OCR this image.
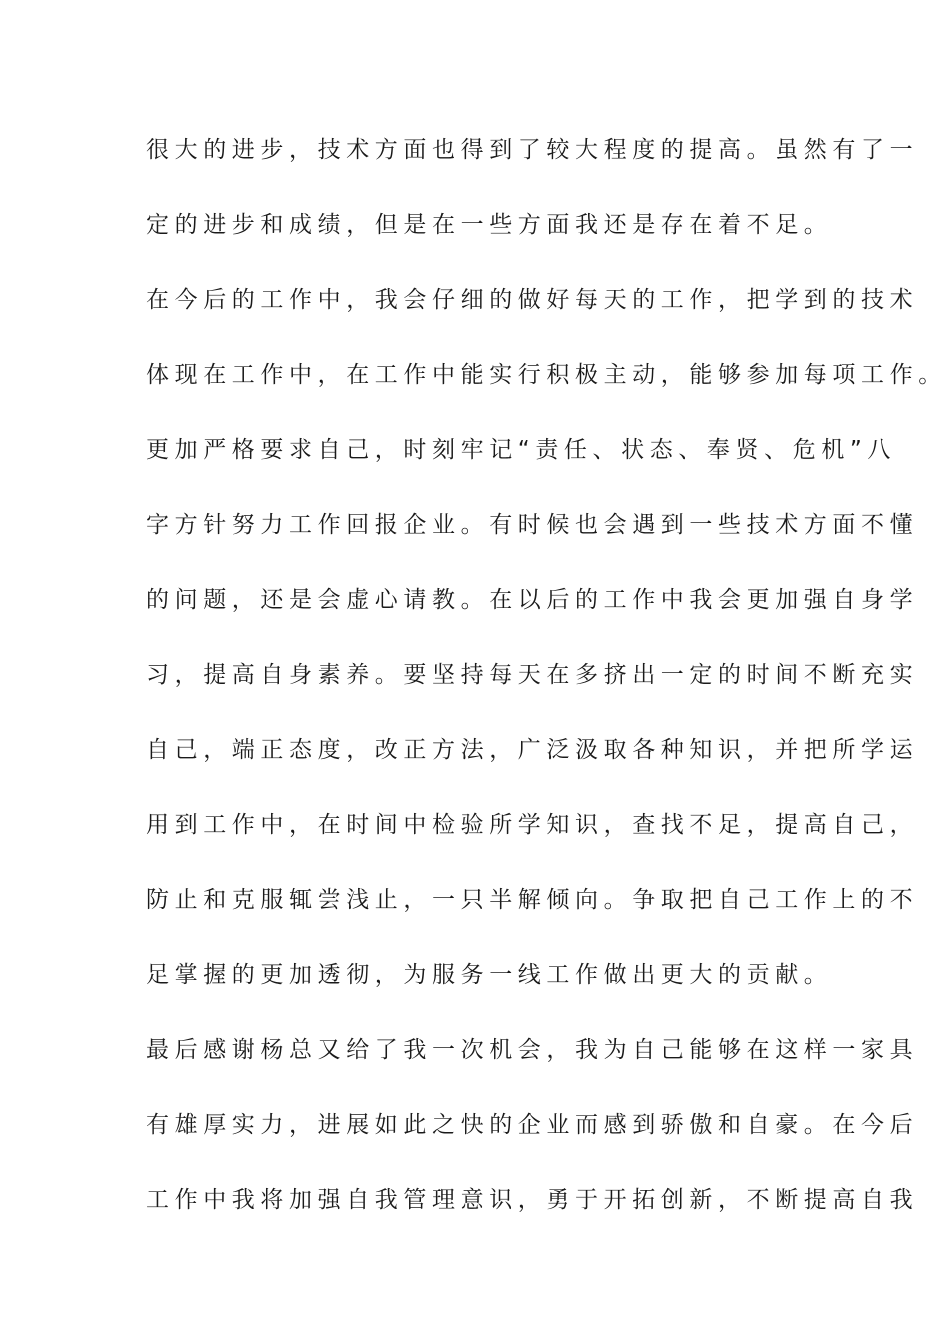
很大的进步，技术方面也得到了较大程度的提高。虽然有了一
定的进步和成绩，但是在一些方面我还是存在着不足。
在今后的工作中，我会仔细的做好每天的工作，把学到的技术
体现在工作中，在工作中能实行积极主动，能够参加每项工作。
更加严格要求自己，时刻牢记“责任、状态、奉贤、危机”八
字方针努力工作回报企业。有时候也会遇到一些技术方面不懂
的问题，还是会虚心请教。在以后的工作中我会更加强自身学
习，提高自身素养。要坚持每天在多挤出一定的时间不断充实
自己，端正态度，改正方法，广泛汲取各种知识，并把所学运
用到工作中，在时间中检验所学知识，查找不足，提高自己，
防止和克服辄尝浅止，一只半解倾向。争取把自己工作上的不
足掌握的更加透彻，为服务一线工作做出更大的贡献。
最后感谢杨总又给了我一次机会，我为自己能够在这样一家具
有雄厚实力，进展如此之快的企业而感到骄傲和自豪。在今后
工作中我将加强自我管理意识，勇于开拓创新，不断提高自我
